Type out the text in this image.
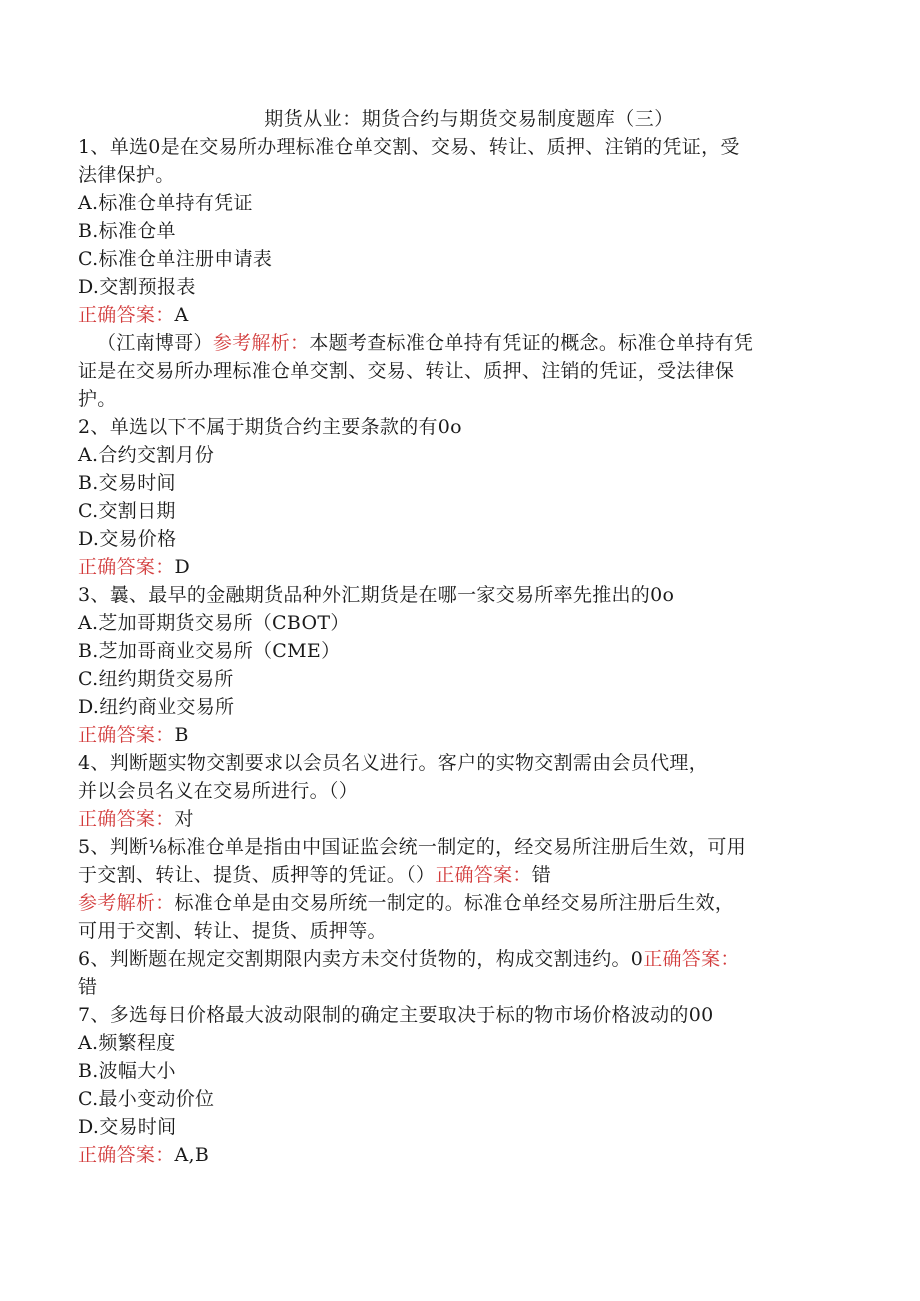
期货从业：期货合约与期货交易制度题库（三）
1、单选0是在交易所办理标准仓单交割、交易、转让、质押、注销的凭证，受
法律保护。
A.标准仓单持有凭证
B.标准仓单
C.标准仓单注册申请表
D.交割预报表
正确答案：A
（江南博哥）参考解析：本题考查标准仓单持有凭证的概念。标准仓单持有凭
证是在交易所办理标准仓单交割、交易、转让、质押、注销的凭证，受法律保
护。
2、单选以下不属于期货合约主要条款的有0o
A.合约交割月份
B.交易时间
C.交割日期
D.交易价格
正确答案：D
3、曩、最早的金融期货品种外汇期货是在哪一家交易所率先推出的0o
A.芝加哥期货交易所（CBOT）
B.芝加哥商业交易所（CME）
C.纽约期货交易所
D.纽约商业交易所
正确答案：B
4、判断题实物交割要求以会员名义进行。客户的实物交割需由会员代理，
并以会员名义在交易所进行。（）
正确答案：对
5、判断⅛标准仓单是指由中国证监会统一制定的，经交易所注册后生效，可用
于交割、转让、提货、质押等的凭证。（）正确答案：错
参考解析：标准仓单是由交易所统一制定的。标准仓单经交易所注册后生效，
可用于交割、转让、提货、质押等。
6、判断题在规定交割期限内卖方未交付货物的，构成交割违约。0正确答案：
错
7、多选每日价格最大波动限制的确定主要取决于标的物市场价格波动的00
A.频繁程度
B.波幅大小
C.最小变动价位
D.交易时间
正确答案：A,B
